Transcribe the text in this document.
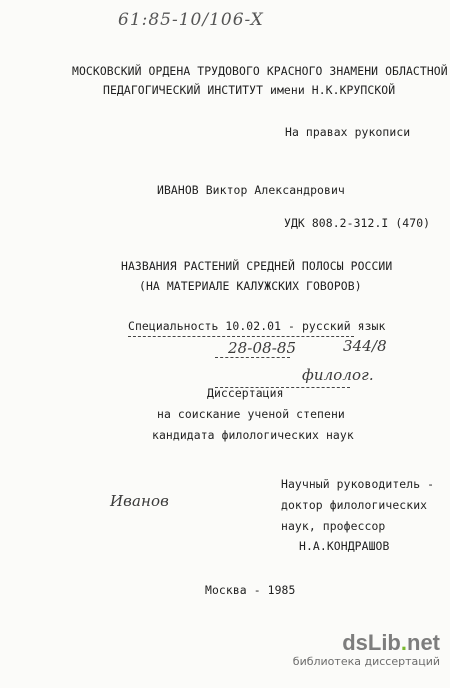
61:85-10/106-X
МОСКОВСКИЙ ОРДЕНА ТРУДОВОГО КРАСНОГО ЗНАМЕНИ ОБЛАСТНОЙ
ПЕДАГОГИЧЕСКИЙ ИНСТИТУТ имени Н.К.КРУПСКОЙ
На правах рукописи
ИВАНОВ Виктор Александрович
УДК 808.2-312.I (470)
НАЗВАНИЯ РАСТЕНИЙ СРЕДНЕЙ ПОЛОСЫ РОССИИ
(НА МАТЕРИАЛЕ КАЛУЖСКИХ ГОВОРОВ)
Специальность 10.02.01 - русский язык
28-08-85	344/8
филолог.
Диссертация
на соискание ученой степени
кандидата филологических наук
Иванов
Научный руководитель -
доктор филологических
наук, профессор
Н.А.КОНДРАШОВ
Москва - 1985
dsLib.net
библиотека диссертаций
